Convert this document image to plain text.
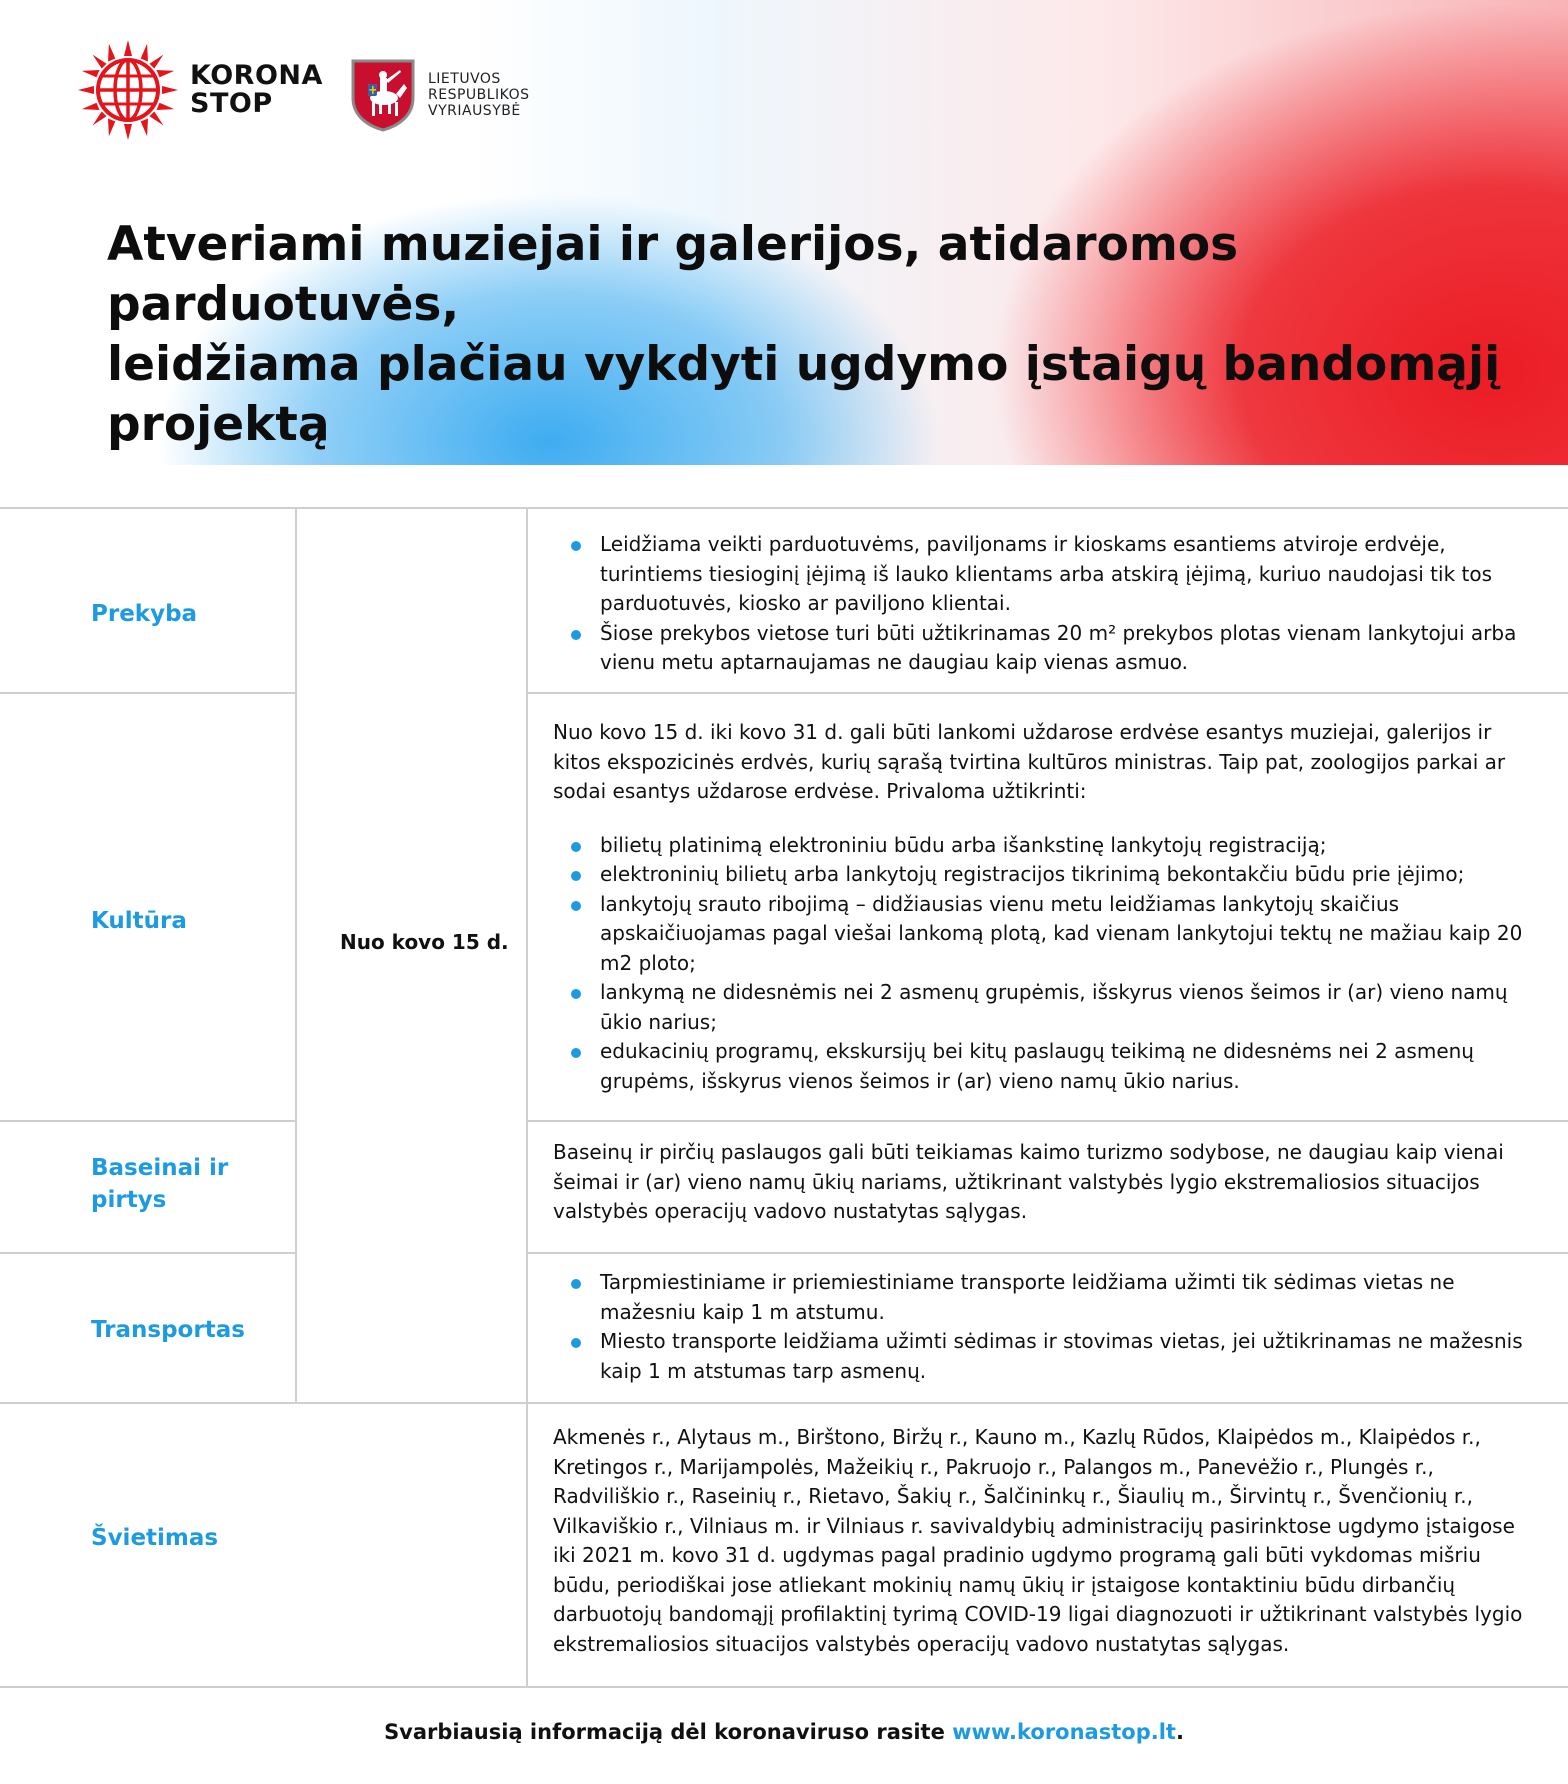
KORONA
STOP
LIETUVOS
RESPUBLIKOS
VYRIAUSYBĖ
Atveriami muziejai ir galerijos, atidaromos parduotuvės,
leidžiama plačiau vykdyti ugdymo įstaigų bandomąjį
projektą
Prekyba
Kultūra
Baseinai ir
pirtys
Transportas
Švietimas
Nuo kovo 15 d.
Leidžiama veikti parduotuvėms, paviljonams ir kioskams esantiems atviroje erdvėje, turintiems tiesioginį įėjimą iš lauko klientams arba atskirą įėjimą, kuriuo naudojasi tik tos parduotuvės, kiosko ar paviljono klientai.
Šiose prekybos vietose turi būti užtikrinamas 20 m² prekybos plotas vienam lankytojui arba vienu metu aptarnaujamas ne daugiau kaip vienas asmuo.

Nuo kovo 15 d. iki kovo 31 d. gali būti lankomi uždarose erdvėse esantys muziejai, galerijos ir kitos ekspozicinės erdvės, kurių sąrašą tvirtina kultūros ministras. Taip pat, zoologijos parkai ar sodai esantys uždarose erdvėse. Privaloma užtikrinti:

bilietų platinimą elektroniniu būdu arba išankstinę lankytojų registraciją;
elektroninių bilietų arba lankytojų registracijos tikrinimą bekontakčiu būdu prie įėjimo;
lankytojų srauto ribojimą – didžiausias vienu metu leidžiamas lankytojų skaičius apskaičiuojamas pagal viešai lankomą plotą, kad vienam lankytojui tektų ne mažiau kaip 20 m2 ploto;
lankymą ne didesnėmis nei 2 asmenų grupėmis, išskyrus vienos šeimos ir (ar) vieno namų ūkio narius;
edukacinių programų, ekskursijų bei kitų paslaugų teikimą ne didesnėms nei 2 asmenų grupėms, išskyrus vienos šeimos ir (ar) vieno namų ūkio narius.

Baseinų ir pirčių paslaugos gali būti teikiamas kaimo turizmo sodybose, ne daugiau kaip vienai šeimai ir (ar) vieno namų ūkių nariams, užtikrinant valstybės lygio ekstremaliosios situacijos valstybės operacijų vadovo nustatytas sąlygas.

Tarpmiestiniame ir priemiestiniame transporte leidžiama užimti tik sėdimas vietas ne mažesniu kaip 1 m atstumu.
Miesto transporte leidžiama užimti sėdimas ir stovimas vietas, jei užtikrinamas ne mažesnis kaip 1 m atstumas tarp asmenų.

Akmenės r., Alytaus m., Birštono, Biržų r., Kauno m., Kazlų Rūdos, Klaipėdos m., Klaipėdos r., Kretingos r., Marijampolės, Mažeikių r., Pakruojo r., Palangos m., Panevėžio r., Plungės r., Radviliškio r., Raseinių r., Rietavo, Šakių r., Šalčininkų r., Šiaulių m., Širvintų r., Švenčionių r., Vilkaviškio r., Vilniaus m. ir Vilniaus r. savivaldybių administracijų pasirinktose ugdymo įstaigose iki 2021 m. kovo 31 d. ugdymas pagal pradinio ugdymo programą gali būti vykdomas mišriu būdu, periodiškai jose atliekant mokinių namų ūkių ir įstaigose kontaktiniu būdu dirbančių darbuotojų bandomąjį profilaktinį tyrimą COVID-19 ligai diagnozuoti ir užtikrinant valstybės lygio ekstremaliosios situacijos valstybės operacijų vadovo nustatytas sąlygas.

Svarbiausią informaciją dėl koronaviruso rasite www.koronastop.lt.
